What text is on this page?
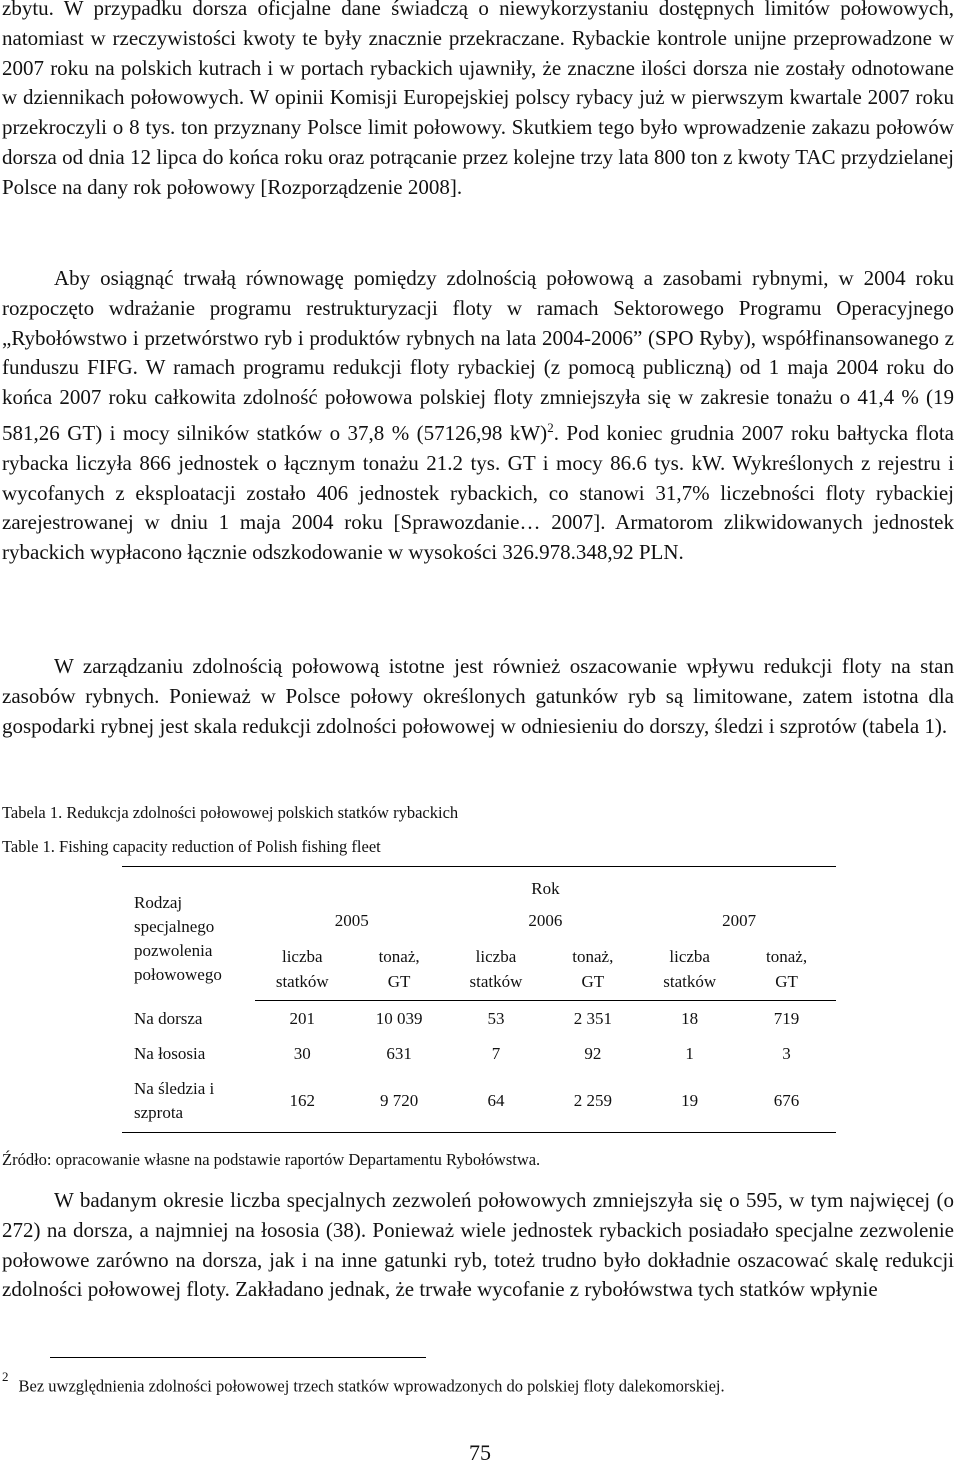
zbytu. W przypadku dorsza oficjalne dane świadczą o niewykorzystaniu dostępnych limitów połowowych, natomiast w rzeczywistości kwoty te były znacznie przekraczane. Rybackie kontrole unijne przeprowadzone w 2007 roku na polskich kutrach i w portach rybackich ujawniły, że znaczne ilości dorsza nie zostały odnotowane w dziennikach połowowych. W opinii Komisji Europejskiej polscy rybacy już w pierwszym kwartale 2007 roku przekroczyli o 8 tys. ton przyznany Polsce limit połowowy. Skutkiem tego było wprowadzenie zakazu połowów dorsza od dnia 12 lipca do końca roku oraz potrącanie przez kolejne trzy lata 800 ton z kwoty TAC przydzielanej Polsce na dany rok połowowy [Rozporządzenie 2008].

Aby osiągnąć trwałą równowagę pomiędzy zdolnością połowową a zasobami rybnymi, w 2004 roku rozpoczęto wdrażanie programu restrukturyzacji floty w ramach Sektorowego Programu Operacyjnego „Rybołówstwo i przetwórstwo ryb i produktów rybnych na lata 2004-2006” (SPO Ryby), współfinansowanego z funduszu FIFG. W ramach programu redukcji floty rybackiej (z pomocą publiczną) od 1 maja 2004 roku do końca 2007 roku całkowita zdolność połowowa polskiej floty zmniejszyła się w zakresie tonażu o 41,4 % (19 581,26 GT) i mocy silników statków o 37,8 % (57126,98 kW)$^2$. Pod koniec grudnia 2007 roku bałtycka flota rybacka liczyła 866 jednostek o łącznym tonażu 21.2 tys. GT i mocy 86.6 tys. kW. Wykreślonych z rejestru i wycofanych z eksploatacji zostało 406 jednostek rybackich, co stanowi 31,7% liczebności floty rybackiej zarejestrowanej w dniu 1 maja 2004 roku [Sprawozdanie… 2007]. Armatorom zlikwidowanych jednostek rybackich wypłacono łącznie odszkodowanie w wysokości 326.978.348,92 PLN.

W zarządzaniu zdolnością połowową istotne jest również oszacowanie wpływu redukcji floty na stan zasobów rybnych. Ponieważ w Polsce połowy określonych gatunków ryb są limitowane, zatem istotna dla gospodarki rybnej jest skala redukcji zdolności połowowej w odniesieniu do dorszy, śledzi i szprotów (tabela 1).

Tabela 1. Redukcja zdolności połowowej polskich statków rybackich

Table 1. Fishing capacity reduction of Polish fishing fleet

Rodzaj specjalnego pozwolenia połowowego	Rok					
	2005		2006		2007	
	liczba statków	tonaż, GT	liczba statków	tonaż, GT	liczba statków	tonaż, GT
Na dorsza	201	10 039	53	2 351	18	719
Na łososia	30	631	7	92	1	3
Na śledzia i szprota	162	9 720	64	2 259	19	676

Źródło: opracowanie własne na podstawie raportów Departamentu Rybołówstwa.

W badanym okresie liczba specjalnych zezwoleń połowowych zmniejszyła się o 595, w tym najwięcej (o 272) na dorsza, a najmniej na łososia (38). Ponieważ wiele jednostek rybackich posiadało specjalne zezwolenie połowowe zarówno na dorsza, jak i na inne gatunki ryb, toteż trudno było dokładnie oszacować skalę redukcji zdolności połowowej floty. Zakładano jednak, że trwałe wycofanie z rybołówstwa tych statków wpłynie

$^2$ Bez uwzględnienia zdolności połowowej trzech statków wprowadzonych do polskiej floty dalekomorskiej.

75
